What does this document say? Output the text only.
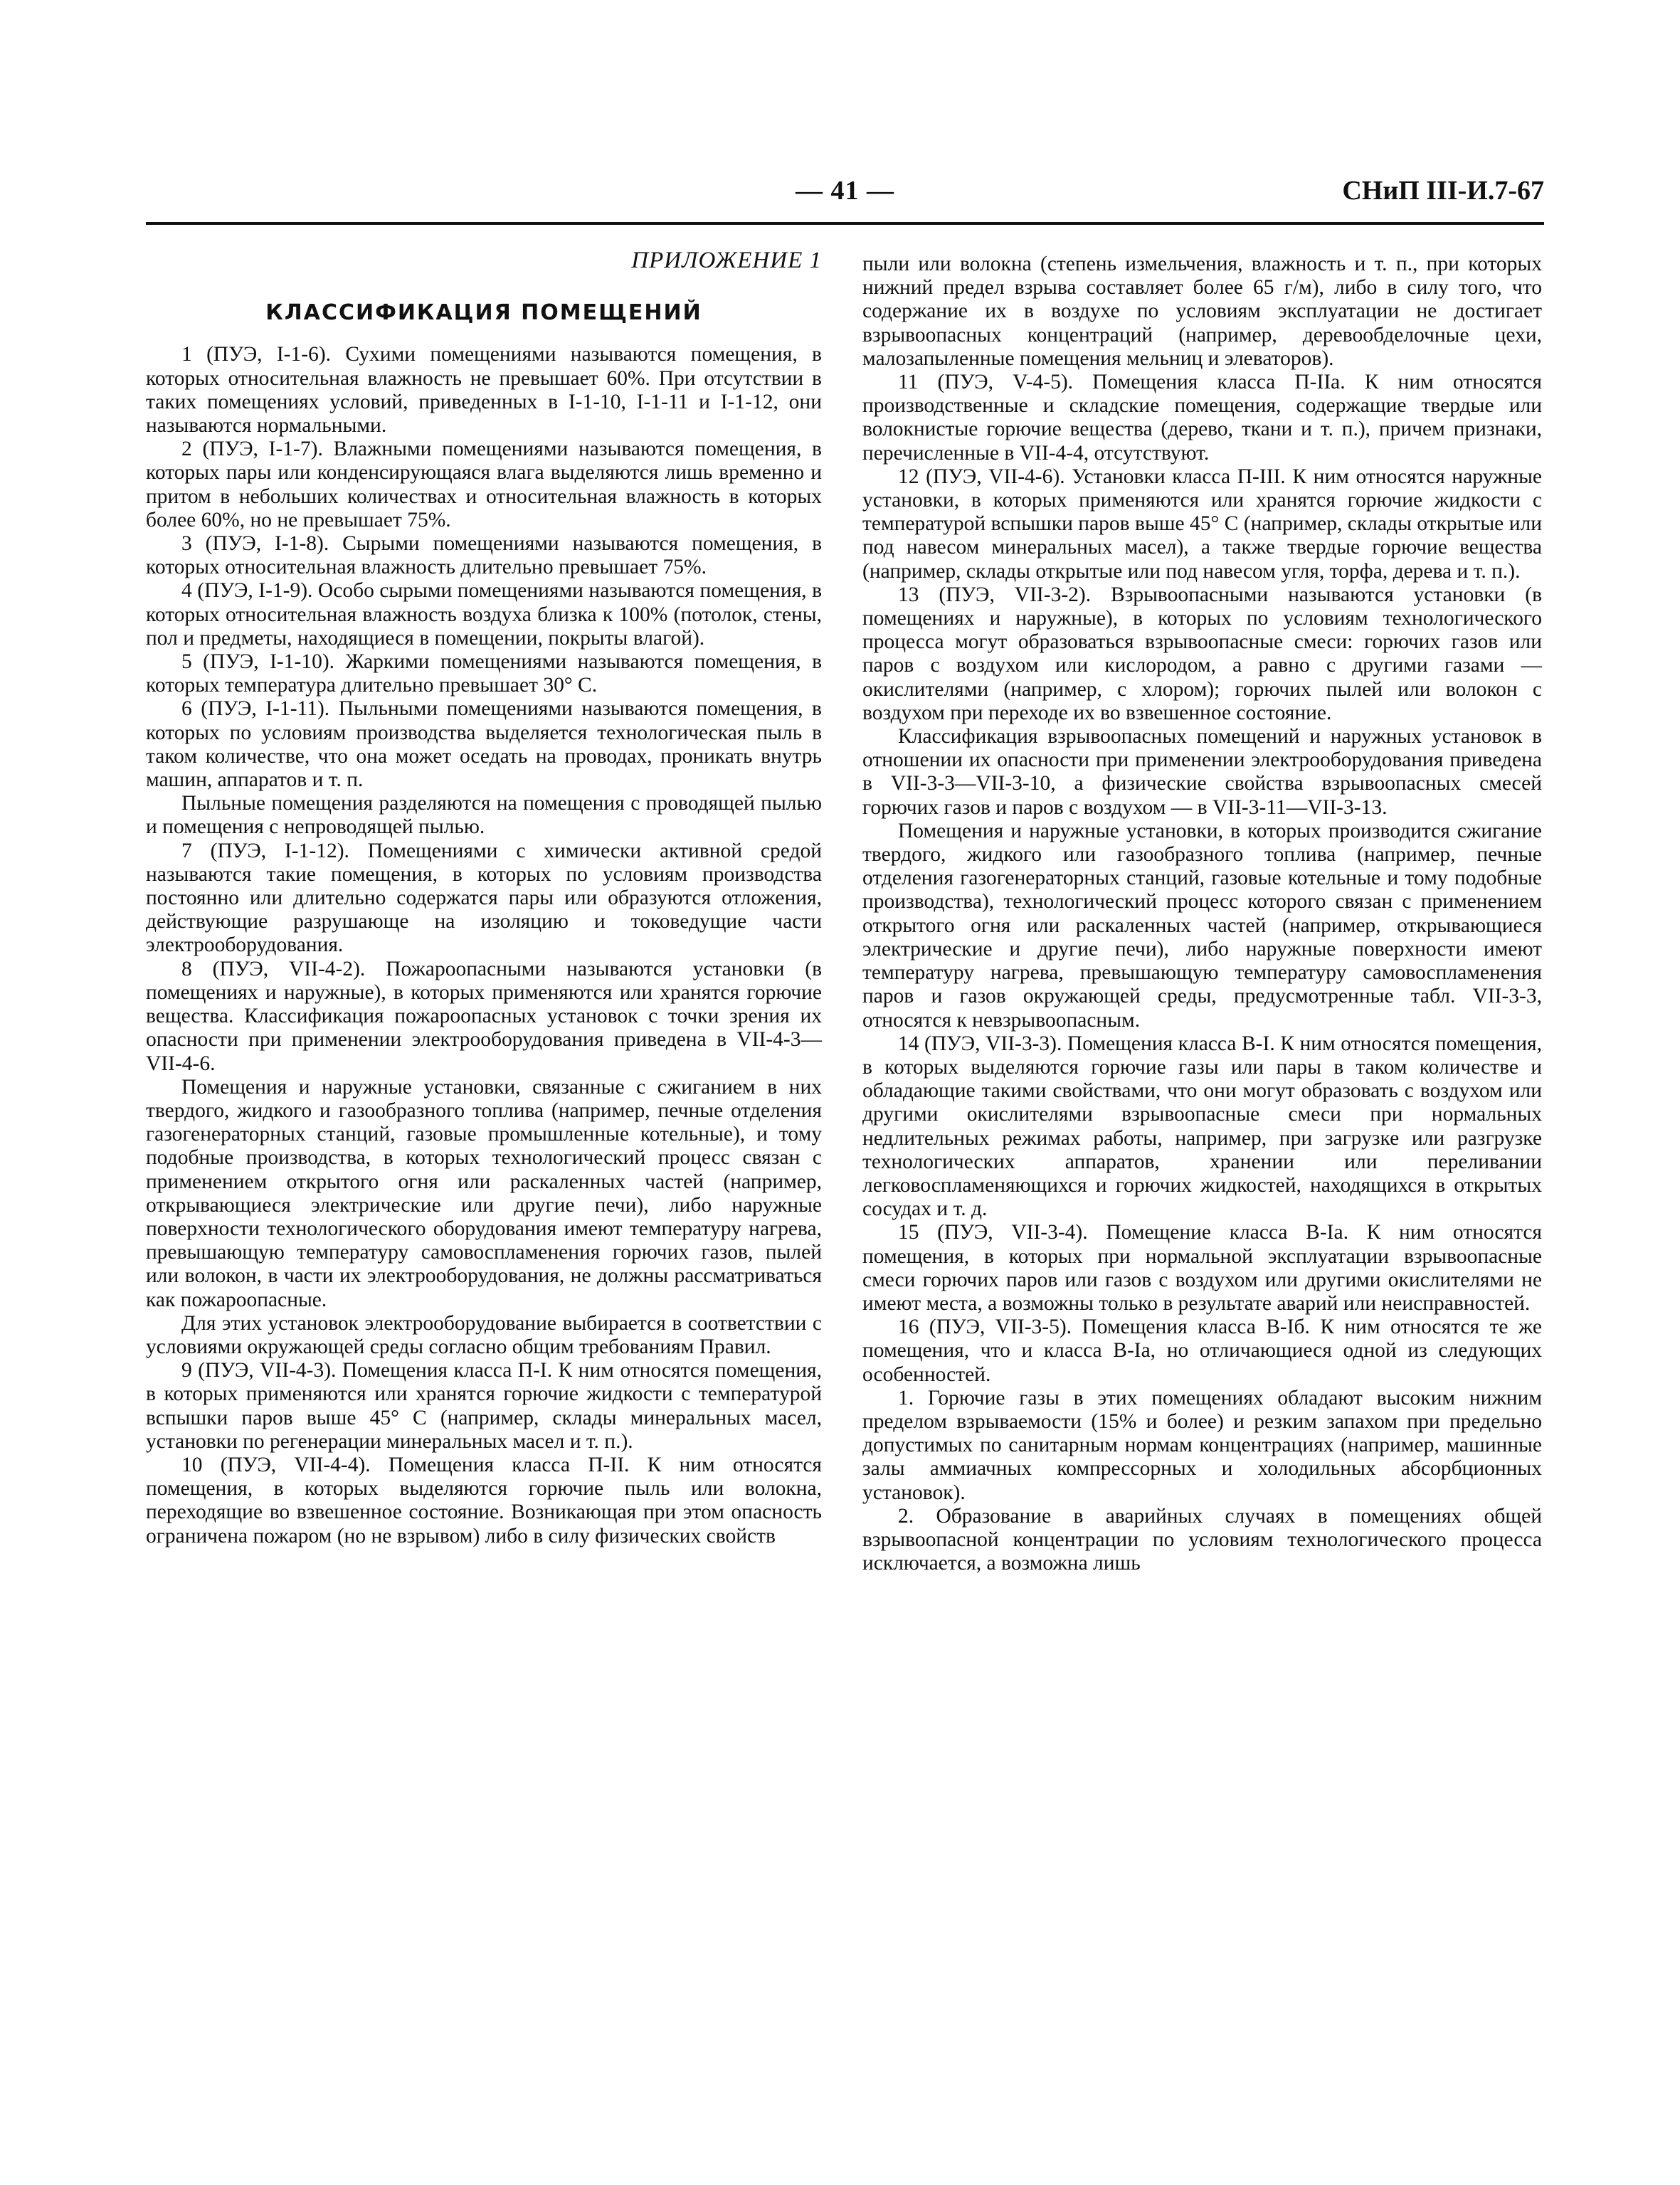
— 41 —	СНиП III-И.7-67

ПРИЛОЖЕНИЕ 1

КЛАССИФИКАЦИЯ ПОМЕЩЕНИЙ

1 (ПУЭ, I-1-6). Сухими помещениями называются помещения, в которых относительная влажность не превышает 60%. При отсутствии в таких помещениях условий, приведенных в I-1-10, I-1-11 и I-1-12, они называются нормальными.

2 (ПУЭ, I-1-7). Влажными помещениями называются помещения, в которых пары или конденсирующаяся влага выделяются лишь временно и притом в небольших количествах и относительная влажность в которых более 60%, но не превышает 75%.

3 (ПУЭ, I-1-8). Сырыми помещениями называются помещения, в которых относительная влажность длительно превышает 75%.

4 (ПУЭ, I-1-9). Особо сырыми помещениями называются помещения, в которых относительная влажность воздуха близка к 100% (потолок, стены, пол и предметы, находящиеся в помещении, покрыты влагой).

5 (ПУЭ, I-1-10). Жаркими помещениями называются помещения, в которых температура длительно превышает 30° С.

6 (ПУЭ, I-1-11). Пыльными помещениями называются помещения, в которых по условиям производства выделяется технологическая пыль в таком количестве, что она может оседать на проводах, проникать внутрь машин, аппаратов и т. п.

Пыльные помещения разделяются на помещения с проводящей пылью и помещения с непроводящей пылью.

7 (ПУЭ, I-1-12). Помещениями с химически активной средой называются такие помещения, в которых по условиям производства постоянно или длительно содержатся пары или образуются отложения, действующие разрушающе на изоляцию и токоведущие части электрооборудования.

8 (ПУЭ, VII-4-2). Пожароопасными называются установки (в помещениях и наружные), в которых применяются или хранятся горючие вещества. Классификация пожароопасных установок с точки зрения их опасности при применении электрооборудования приведена в VII-4-3—VII-4-6.

Помещения и наружные установки, связанные с сжиганием в них твердого, жидкого и газообразного топлива (например, печные отделения газогенераторных станций, газовые промышленные котельные), и тому подобные производства, в которых технологический процесс связан с применением открытого огня или раскаленных частей (например, открывающиеся электрические или другие печи), либо наружные поверхности технологического оборудования имеют температуру нагрева, превышающую температуру самовоспламенения горючих газов, пылей или волокон, в части их электрооборудования, не должны рассматриваться как пожароопасные.

Для этих установок электрооборудование выбирается в соответствии с условиями окружающей среды согласно общим требованиям Правил.

9 (ПУЭ, VII-4-3). Помещения класса П-I. К ним относятся помещения, в которых применяются или хранятся горючие жидкости с температурой вспышки паров выше 45° С (например, склады минеральных масел, установки по регенерации минеральных масел и т. п.).

10 (ПУЭ, VII-4-4). Помещения класса П-II. К ним относятся помещения, в которых выделяются горючие пыль или волокна, переходящие во взвешенное состояние. Возникающая при этом опасность ограничена пожаром (но не взрывом) либо в силу физических свойств

пыли или волокна (степень измельчения, влажность и т. п., при которых нижний предел взрыва составляет более 65 г/м), либо в силу того, что содержание их в воздухе по условиям эксплуатации не достигает взрывоопасных концентраций (например, деревообделочные цехи, малозапыленные помещения мельниц и элеваторов).

11 (ПУЭ, V-4-5). Помещения класса П-IIа. К ним относятся производственные и складские помещения, содержащие твердые или волокнистые горючие вещества (дерево, ткани и т. п.), причем признаки, перечисленные в VII-4-4, отсутствуют.

12 (ПУЭ, VII-4-6). Установки класса П-III. К ним относятся наружные установки, в которых применяются или хранятся горючие жидкости с температурой вспышки паров выше 45° С (например, склады открытые или под навесом минеральных масел), а также твердые горючие вещества (например, склады открытые или под навесом угля, торфа, дерева и т. п.).

13 (ПУЭ, VII-3-2). Взрывоопасными называются установки (в помещениях и наружные), в которых по условиям технологического процесса могут образоваться взрывоопасные смеси: горючих газов или паров с воздухом или кислородом, а равно с другими газами — окислителями (например, с хлором); горючих пылей или волокон с воздухом при переходе их во взвешенное состояние.

Классификация взрывоопасных помещений и наружных установок в отношении их опасности при применении электрооборудования приведена в VII-3-3—VII-3-10, а физические свойства взрывоопасных смесей горючих газов и паров с воздухом — в VII-3-11—VII-3-13.

Помещения и наружные установки, в которых производится сжигание твердого, жидкого или газообразного топлива (например, печные отделения газогенераторных станций, газовые котельные и тому подобные производства), технологический процесс которого связан с применением открытого огня или раскаленных частей (например, открывающиеся электрические и другие печи), либо наружные поверхности имеют температуру нагрева, превышающую температуру самовоспламенения паров и газов окружающей среды, предусмотренные табл. VII-3-3, относятся к невзрывоопасным.

14 (ПУЭ, VII-3-3). Помещения класса В-I. К ним относятся помещения, в которых выделяются горючие газы или пары в таком количестве и обладающие такими свойствами, что они могут образовать с воздухом или другими окислителями взрывоопасные смеси при нормальных недлительных режимах работы, например, при загрузке или разгрузке технологических аппаратов, хранении или переливании легковоспламеняющихся и горючих жидкостей, находящихся в открытых сосудах и т. д.

15 (ПУЭ, VII-3-4). Помещение класса В-Iа. К ним относятся помещения, в которых при нормальной эксплуатации взрывоопасные смеси горючих паров или газов с воздухом или другими окислителями не имеют места, а возможны только в результате аварий или неисправностей.

16 (ПУЭ, VII-3-5). Помещения класса В-Iб. К ним относятся те же помещения, что и класса В-Iа, но отличающиеся одной из следующих особенностей.

1. Горючие газы в этих помещениях обладают высоким нижним пределом взрываемости (15% и более) и резким запахом при предельно допустимых по санитарным нормам концентрациях (например, машинные залы аммиачных компрессорных и холодильных абсорбционных установок).

2. Образование в аварийных случаях в помещениях общей взрывоопасной концентрации по условиям технологического процесса исключается, а возможна лишь
